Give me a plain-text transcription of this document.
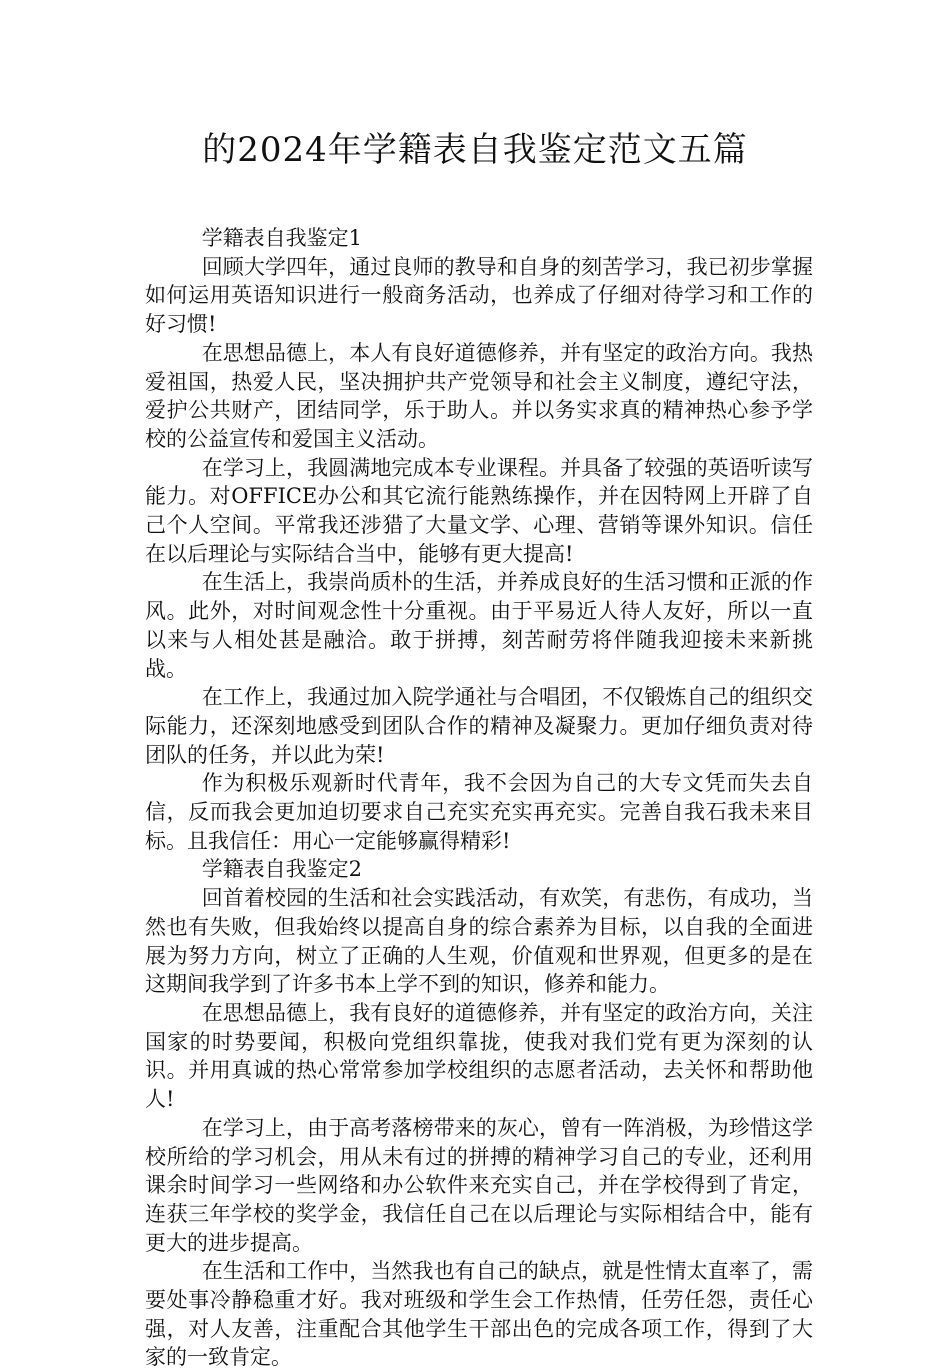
的2024年学籍表自我鉴定范文五篇

学籍表自我鉴定1

回顾大学四年，通过良师的教导和自身的刻苦学习，我已初步掌握如何运用英语知识进行一般商务活动，也养成了仔细对待学习和工作的好习惯!

在思想品德上，本人有良好道德修养，并有坚定的政治方向。我热爱祖国，热爱人民，坚决拥护共产党领导和社会主义制度，遵纪守法，爱护公共财产，团结同学，乐于助人。并以务实求真的精神热心参予学校的公益宣传和爱国主义活动。

在学习上，我圆满地完成本专业课程。并具备了较强的英语听读写能力。对OFFICE办公和其它流行能熟练操作，并在因特网上开辟了自己个人空间。平常我还涉猎了大量文学、心理、营销等课外知识。信任在以后理论与实际结合当中，能够有更大提高!

在生活上，我崇尚质朴的生活，并养成良好的生活习惯和正派的作风。此外，对时间观念性十分重视。由于平易近人待人友好，所以一直以来与人相处甚是融洽。敢于拼搏，刻苦耐劳将伴随我迎接未来新挑战。

在工作上，我通过加入院学通社与合唱团，不仅锻炼自己的组织交际能力，还深刻地感受到团队合作的精神及凝聚力。更加仔细负责对待团队的任务，并以此为荣!

作为积极乐观新时代青年，我不会因为自己的大专文凭而失去自信，反而我会更加迫切要求自己充实充实再充实。完善自我石我未来目标。且我信任：用心一定能够赢得精彩!

学籍表自我鉴定2

回首着校园的生活和社会实践活动，有欢笑，有悲伤，有成功，当然也有失败，但我始终以提高自身的综合素养为目标，以自我的全面进展为努力方向，树立了正确的人生观，价值观和世界观，但更多的是在这期间我学到了许多书本上学不到的知识，修养和能力。

在思想品德上，我有良好的道德修养，并有坚定的政治方向，关注国家的时势要闻，积极向党组织靠拢，使我对我们党有更为深刻的认识。并用真诚的热心常常参加学校组织的志愿者活动，去关怀和帮助他人!

在学习上，由于高考落榜带来的灰心，曾有一阵消极，为珍惜这学校所给的学习机会，用从未有过的拼搏的精神学习自己的专业，还利用课余时间学习一些网络和办公软件来充实自己，并在学校得到了肯定，连获三年学校的奖学金，我信任自己在以后理论与实际相结合中，能有更大的进步提高。

在生活和工作中，当然我也有自己的缺点，就是性情太直率了，需要处事冷静稳重才好。我对班级和学生会工作热情，任劳任怨，责任心强，对人友善，注重配合其他学生干部出色的完成各项工作，得到了大家的一致肯定。
